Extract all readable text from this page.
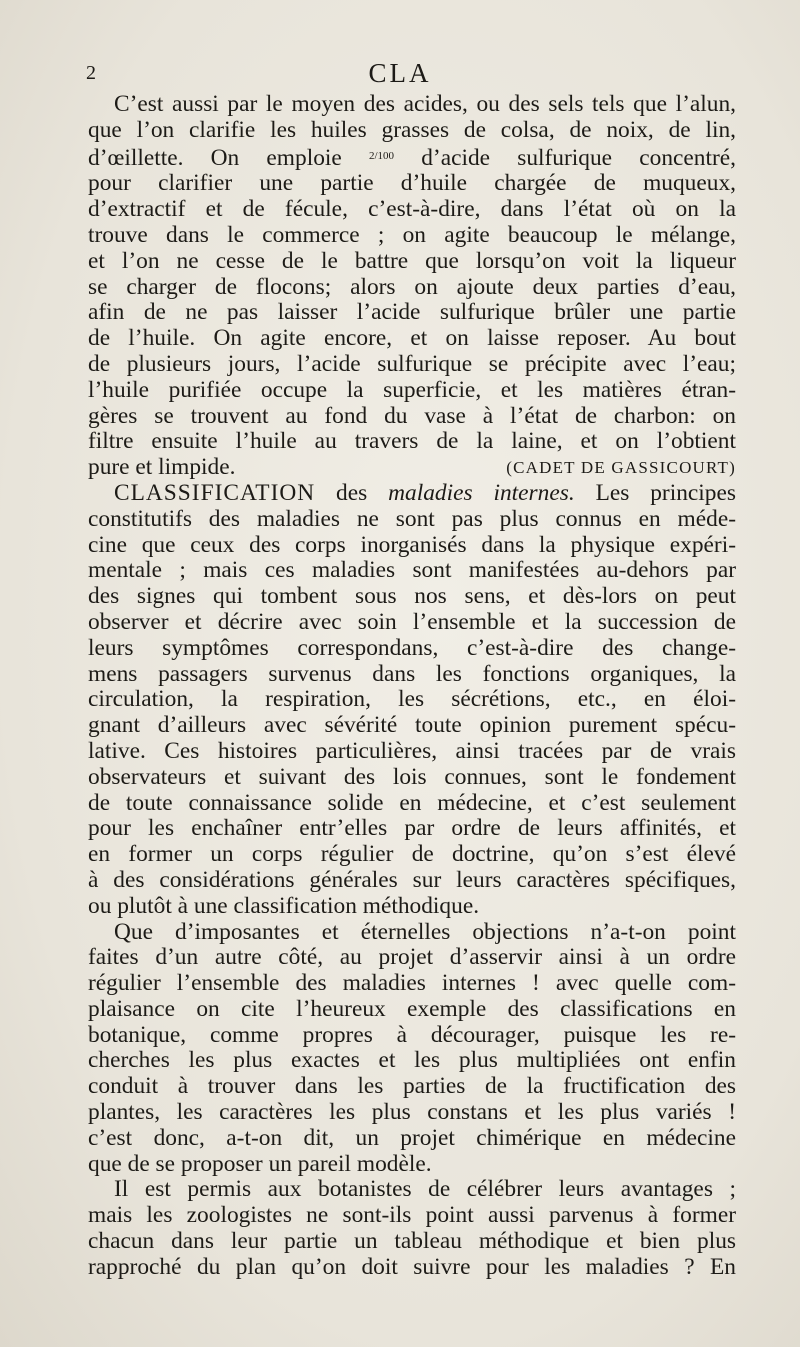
2	CLA
C’est aussi par le moyen des acides, ou des sels tels que l’alun,
que l’on clarifie les huiles grasses de colsa, de noix, de lin,
d’œillette. On emploie $^{2/100}$ d’acide sulfurique concentré,
pour clarifier une partie d’huile chargée de muqueux,
d’extractif et de fécule, c’est-à-dire, dans l’état où on la
trouve dans le commerce ; on agite beaucoup le mélange,
et l’on ne cesse de le battre que lorsqu’on voit la liqueur
se charger de flocons; alors on ajoute deux parties d’eau,
afin de ne pas laisser l’acide sulfurique brûler une partie
de l’huile. On agite encore, et on laisse reposer. Au bout
de plusieurs jours, l’acide sulfurique se précipite avec l’eau;
l’huile purifiée occupe la superficie, et les matières étran-
gères se trouvent au fond du vase à l’état de charbon: on
filtre ensuite l’huile au travers de la laine, et on l’obtient
pure et limpide.	(CADET DE GASSICOURT)
CLASSIFICATION des maladies internes. Les principes
constitutifs des maladies ne sont pas plus connus en méde-
cine que ceux des corps inorganisés dans la physique expéri-
mentale ; mais ces maladies sont manifestées au-dehors par
des signes qui tombent sous nos sens, et dès-lors on peut
observer et décrire avec soin l’ensemble et la succession de
leurs symptômes correspondans, c’est-à-dire des change-
mens passagers survenus dans les fonctions organiques, la
circulation, la respiration, les sécrétions, etc., en éloi-
gnant d’ailleurs avec sévérité toute opinion purement spécu-
lative. Ces histoires particulières, ainsi tracées par de vrais
observateurs et suivant des lois connues, sont le fondement
de toute connaissance solide en médecine, et c’est seulement
pour les enchaîner entr’elles par ordre de leurs affinités, et
en former un corps régulier de doctrine, qu’on s’est élevé
à des considérations générales sur leurs caractères spécifiques,
ou plutôt à une classification méthodique.
Que d’imposantes et éternelles objections n’a-t-on point
faites d’un autre côté, au projet d’asservir ainsi à un ordre
régulier l’ensemble des maladies internes ! avec quelle com-
plaisance on cite l’heureux exemple des classifications en
botanique, comme propres à décourager, puisque les re-
cherches les plus exactes et les plus multipliées ont enfin
conduit à trouver dans les parties de la fructification des
plantes, les caractères les plus constans et les plus variés !
c’est donc, a-t-on dit, un projet chimérique en médecine
que de se proposer un pareil modèle.
Il est permis aux botanistes de célébrer leurs avantages ;
mais les zoologistes ne sont-ils point aussi parvenus à former
chacun dans leur partie un tableau méthodique et bien plus
rapproché du plan qu’on doit suivre pour les maladies ? En
